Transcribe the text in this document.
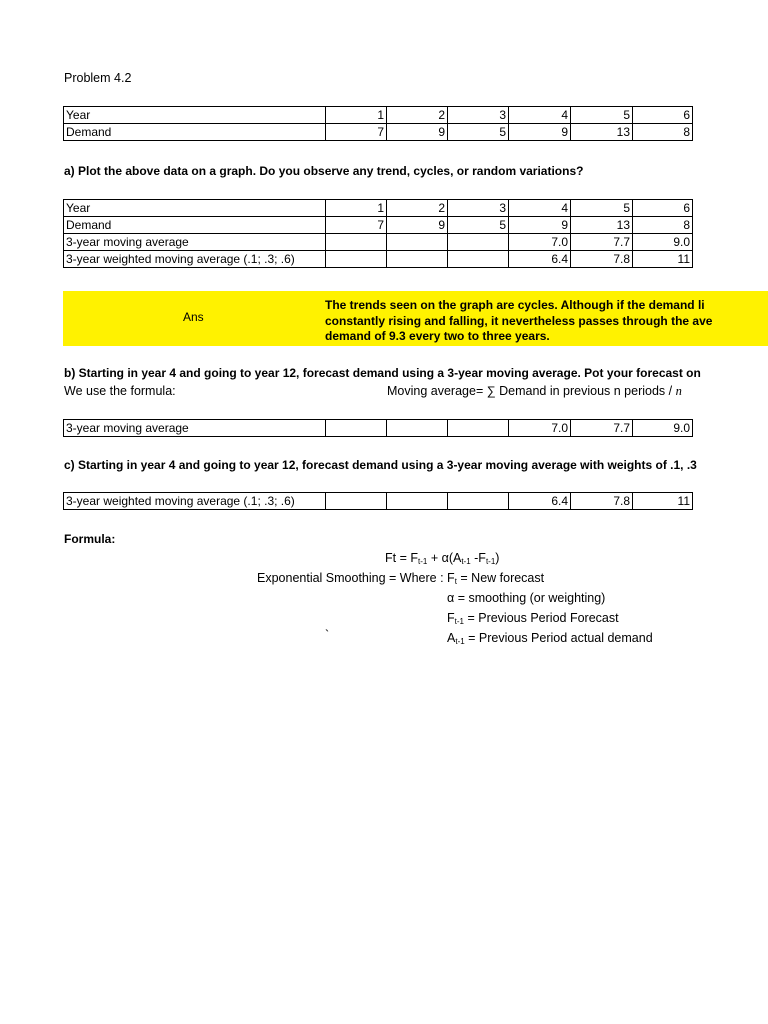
Problem 4.2
Year	1	2	3	4	5	6
Demand	7	9	5	9	13	8
a) Plot the above data on a graph. Do you observe any trend, cycles, or random variations?
Year	1	2	3	4	5	6
Demand	7	9	5	9	13	8
3-year moving average				7.0	7.7	9.0
3-year weighted moving average (.1; .3; .6)				6.4	7.8	11
Ans
The trends seen on the graph are cycles. Although if the demand li
constantly rising and falling, it nevertheless passes through the ave
demand of 9.3 every two to three years.
b) Starting in year 4 and going to year 12, forecast demand using a 3-year moving average. Pot your forecast on
We use the formula:	Moving average= ∑ Demand in previous n periods / n
3-year moving average				7.0	7.7	9.0
c) Starting in year 4 and going to year 12, forecast demand using a 3-year moving average with weights of .1, .3
3-year weighted moving average (.1; .3; .6)				6.4	7.8	11
Formula:
$Ft = F_{t-1} + \alpha(A_{t-1}$ $-F_{t-1}$)
Exponential Smoothing = Where : $F_t$ = New forecast
α = smoothing (or weighting)
$F_{t-1}$ = Previous Period Forecast
`	$A_{t-1}$ = Previous Period actual demand
